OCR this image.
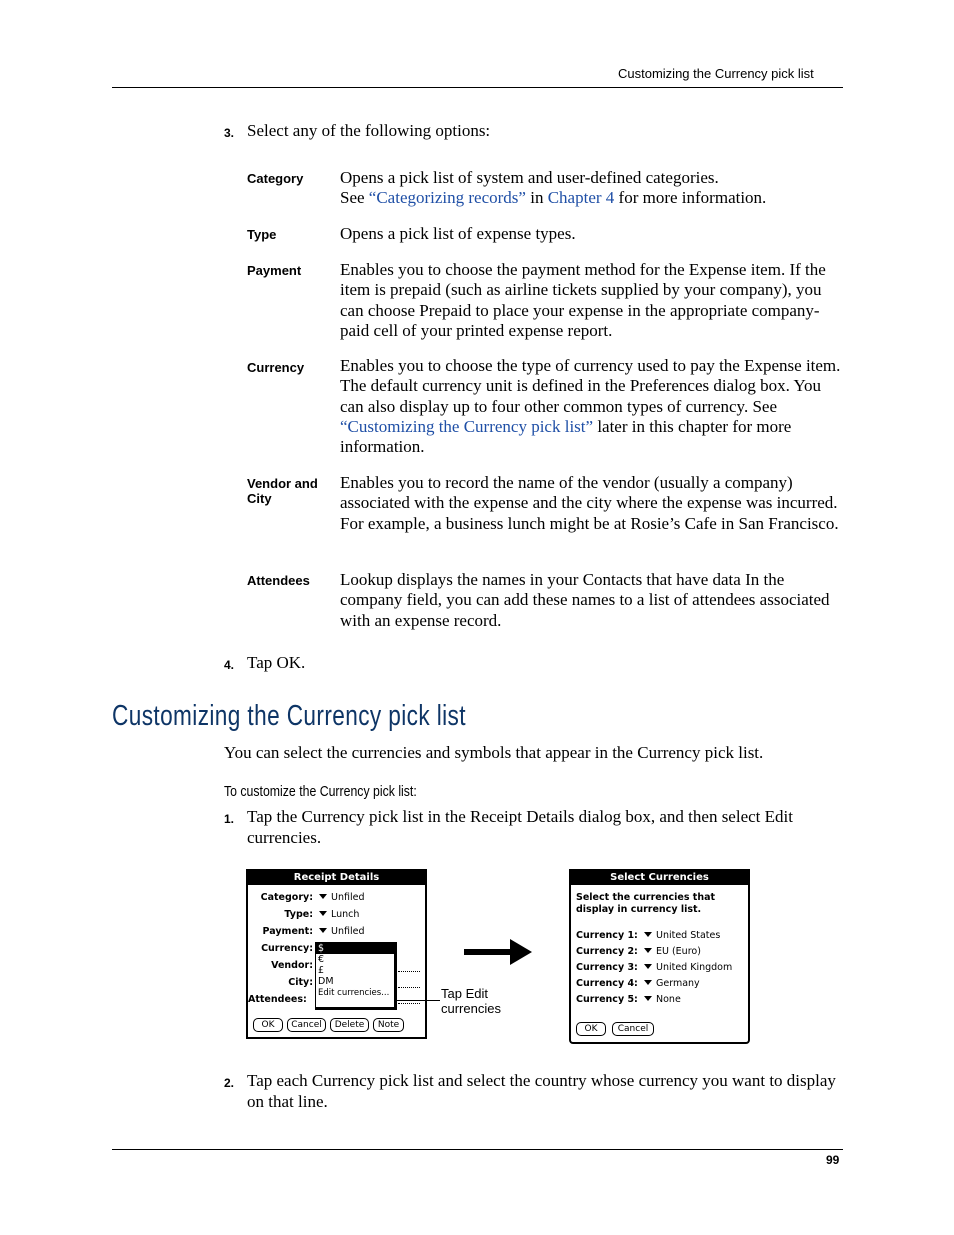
Customizing the Currency pick list
3. Select any of the following options:
Category Opens a pick list of system and user-defined categories.
See “Categorizing records” in Chapter 4 for more information.
Type	Opens a pick list of expense types.
Payment Enables you to choose the payment method for the Expense item. If the item is prepaid (such as airline tickets supplied by your company), you can choose Prepaid to place your expense in the appropriate company-paid cell of your printed expense report.
Currency Enables you to choose the type of currency used to pay the Expense item. The default currency unit is defined in the Preferences dialog box. You can also display up to four other common types of currency. See “Customizing the Currency pick list” later in this chapter for more information.
Vendor and City
Enables you to record the name of the vendor (usually a company) associated with the expense and the city where the expense was incurred. For example, a business lunch might be at Rosie’s Cafe in San Francisco.
Attendees Lookup displays the names in your Contacts that have data In the company field, you can add these names to a list of attendees associated with an expense record.
4. Tap OK.
Customizing the Currency pick list
You can select the currencies and symbols that appear in the Currency pick list.
To customize the Currency pick list:
1. Tap the Currency pick list in the Receipt Details dialog box, and then select Edit currencies.
Receipt Details
Category:	Unfiled
Type:	Lunch
Payment:	Unfiled
Currency:
Vendor:
City:
Attendees:
$
€
£
DM
Edit currencies...
OK	Cancel	Delete	Note
Tap Edit currencies
Select Currencies
Select the currencies that display in currency list.
Currency 1:	United States
Currency 2:	EU (Euro)
Currency 3:	United Kingdom
Currency 4:	Germany
Currency 5:	None
OK	Cancel
2. Tap each Currency pick list and select the country whose currency you want to display on that line.
99
